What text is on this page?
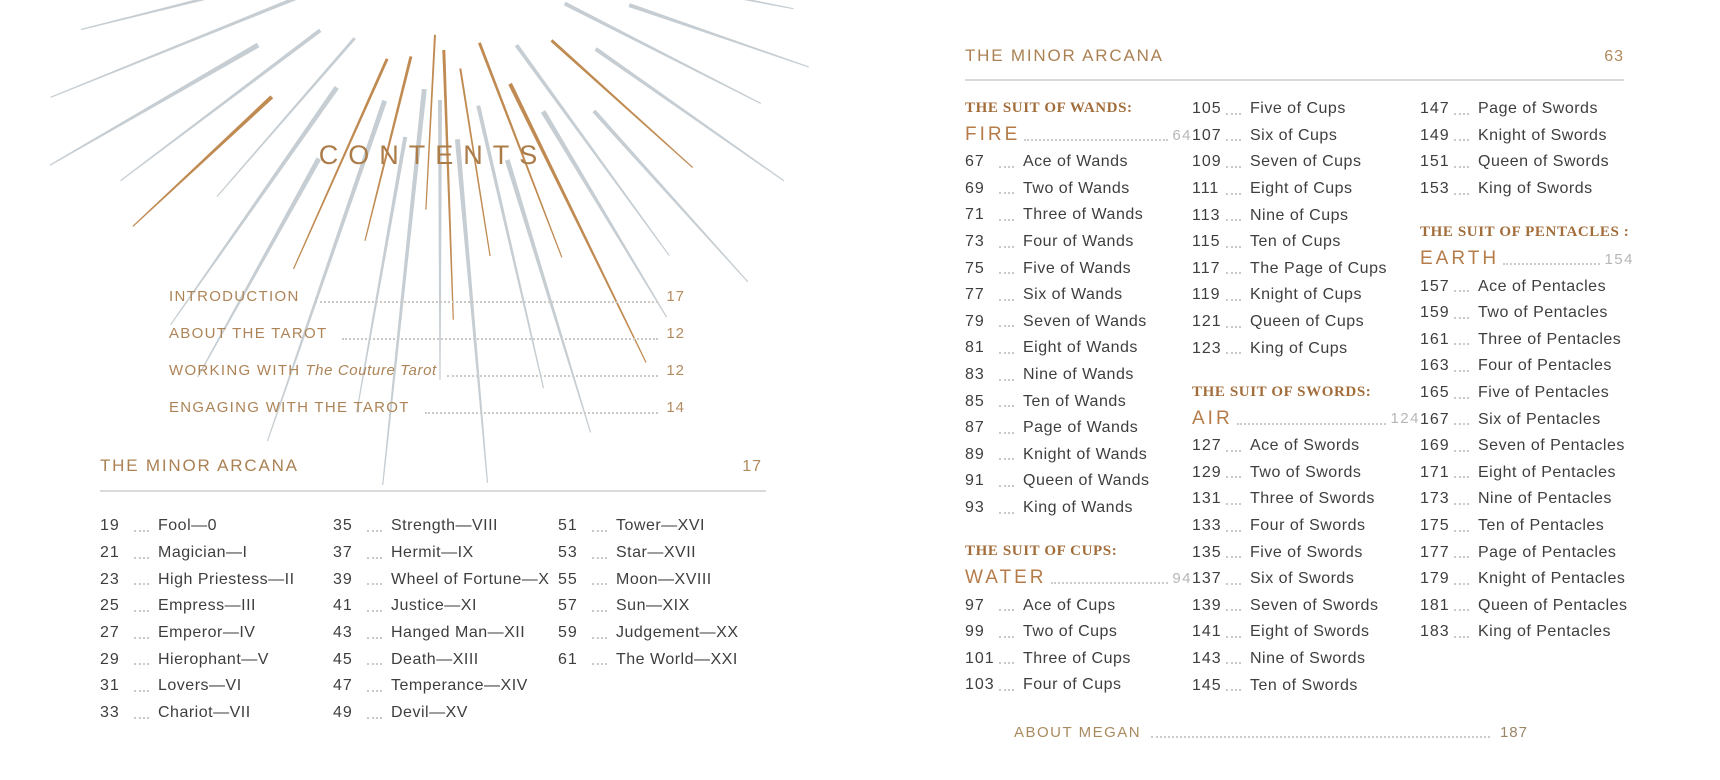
CONTENTS
INTRODUCTION	17
ABOUT THE TAROT	12
WORKING WITH The Couture Tarot	12
ENGAGING WITH THE TAROT	14
THE MINOR ARCANA	17
19	Fool—0
21	Magician—I
23	High Priestess—II
25	Empress—III
27	Emperor—IV
29	Hierophant—V
31	Lovers—VI
33	Chariot—VII
35	Strength—VIII
37	Hermit—IX
39	Wheel of Fortune—X
41	Justice—XI
43	Hanged Man—XII
45	Death—XIII
47	Temperance—XIV
49	Devil—XV
51	Tower—XVI
53	Star—XVII
55	Moon—XVIII
57	Sun—XIX
59	Judgement—XX
61	The World—XXI
THE MINOR ARCANA	63
THE SUIT OF WANDS:
FIRE	64
67	Ace of Wands
69	Two of Wands
71	Three of Wands
73	Four of Wands
75	Five of Wands
77	Six of Wands
79	Seven of Wands
81	Eight of Wands
83	Nine of Wands
85	Ten of Wands
87	Page of Wands
89	Knight of Wands
91	Queen of Wands
93	King of Wands
THE SUIT OF CUPS:
WATER	94
97	Ace of Cups
99	Two of Cups
101 Three of Cups
103 Four of Cups
105 Five of Cups
107 Six of Cups
109 Seven of Cups
111 Eight of Cups
113 Nine of Cups
115 Ten of Cups
117 The Page of Cups
119 Knight of Cups
121 Queen of Cups
123 King of Cups
THE SUIT OF SWORDS:
AIR	124
127 Ace of Swords
129 Two of Swords
131 Three of Swords
133 Four of Swords
135 Five of Swords
137 Six of Swords
139 Seven of Swords
141 Eight of Swords
143 Nine of Swords
145 Ten of Swords
147 Page of Swords
149 Knight of Swords
151 Queen of Swords
153 King of Swords
THE SUIT OF PENTACLES :
EARTH	154
157 Ace of Pentacles
159 Two of Pentacles
161 Three of Pentacles
163 Four of Pentacles
165 Five of Pentacles
167 Six of Pentacles
169 Seven of Pentacles
171 Eight of Pentacles
173 Nine of Pentacles
175 Ten of Pentacles
177 Page of Pentacles
179 Knight of Pentacles
181 Queen of Pentacles
183 King of Pentacles
ABOUT MEGAN	187
